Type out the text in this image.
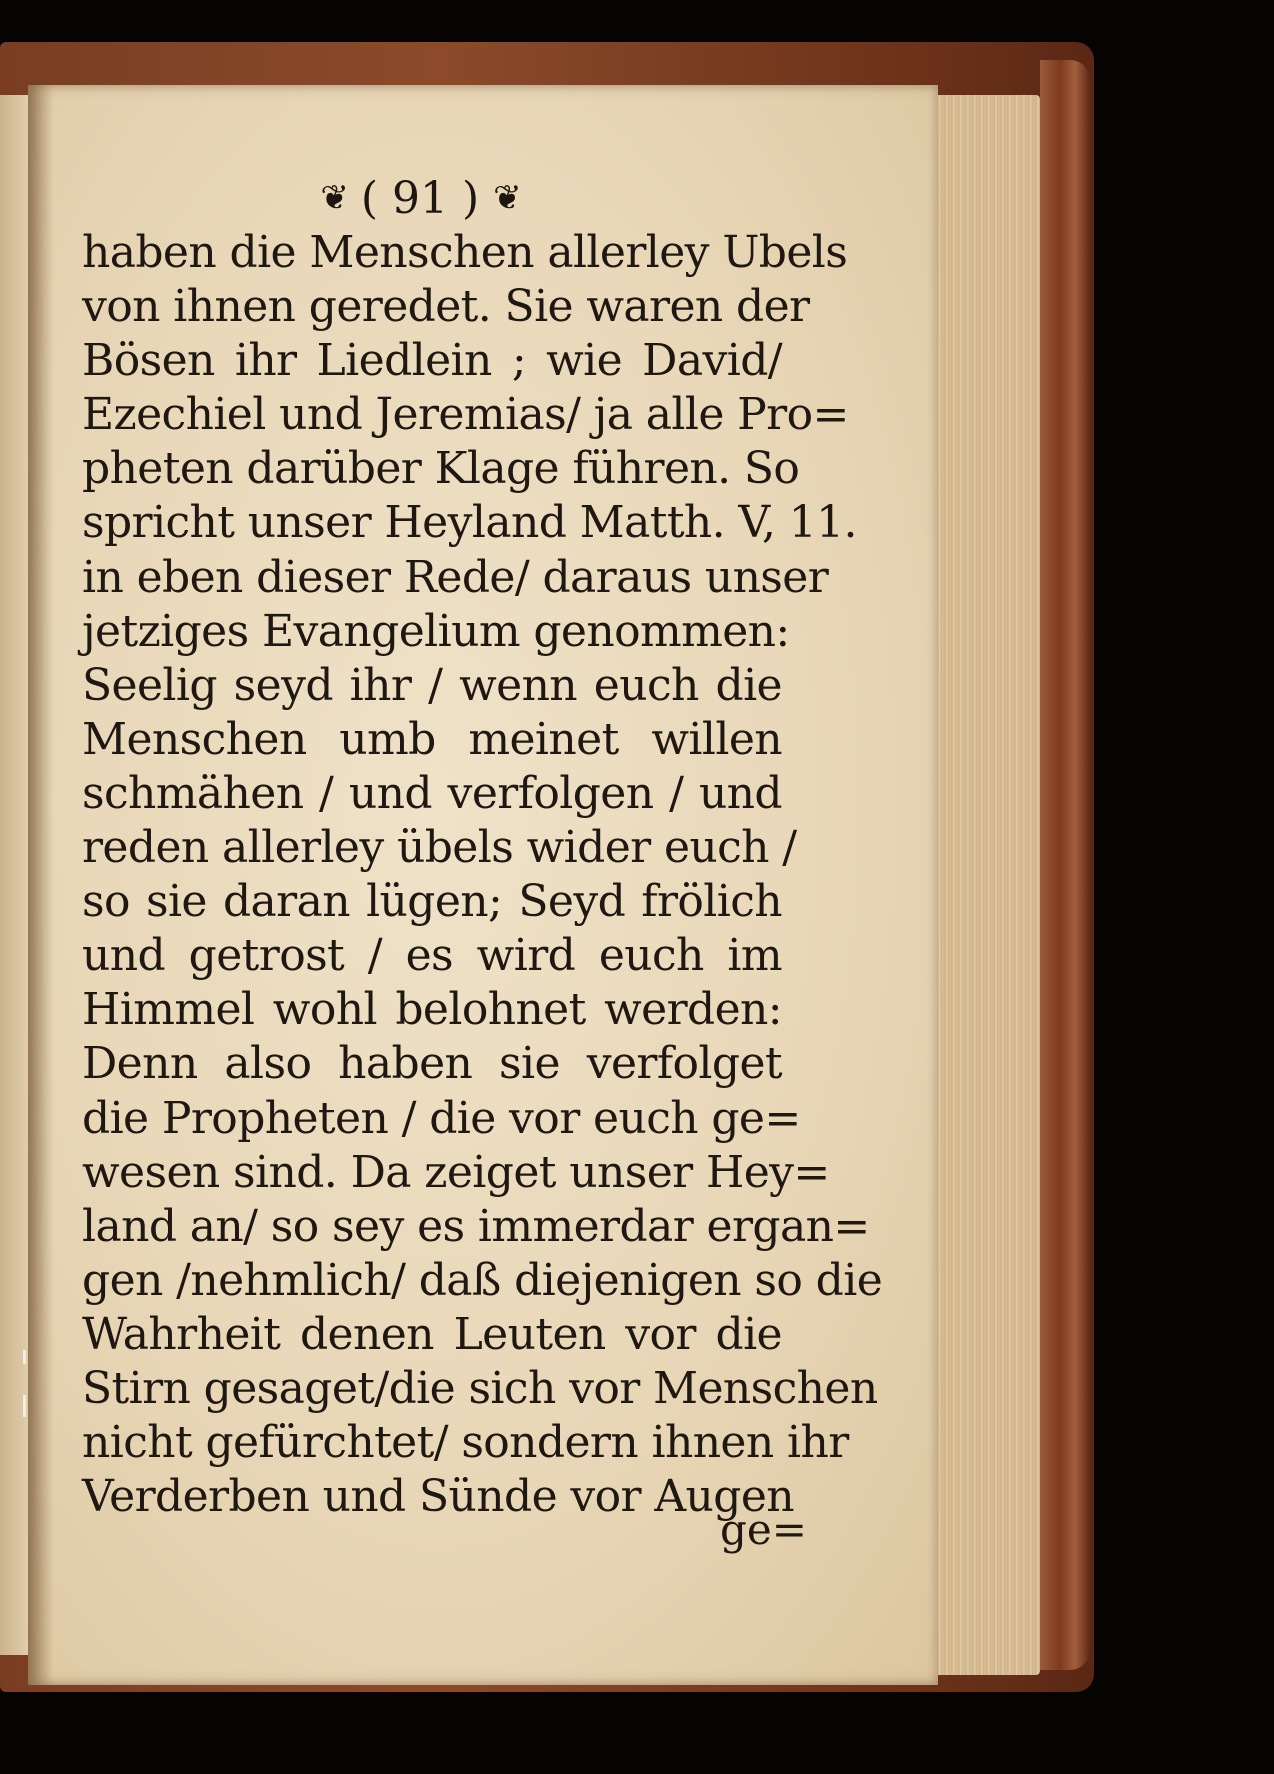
❦ ( 91 ) ❦
haben die Menschen allerley Ubels
von ihnen geredet. Sie waren der
Bösen ihr Liedlein ; wie David/
Ezechiel und Jeremias/ ja alle Pro=
pheten darüber Klage führen. So
spricht unser Heyland Matth. V, 11.
in eben dieser Rede/ daraus unser
jetziges Evangelium genommen:
Seelig seyd ihr / wenn euch die
Menschen umb meinet willen
schmähen / und verfolgen / und
reden allerley übels wider euch /
so sie daran lügen; Seyd frölich
und getrost / es wird euch im
Himmel wohl belohnet werden:
Denn also haben sie verfolget
die Propheten / die vor euch ge=
wesen sind. Da zeiget unser Hey=
land an/ so sey es immerdar ergan=
gen /nehmlich/ daß diejenigen so die
Wahrheit denen Leuten vor die
Stirn gesaget/die sich vor Menschen
nicht gefürchtet/ sondern ihnen ihr
Verderben und Sünde vor Augen
ge=
